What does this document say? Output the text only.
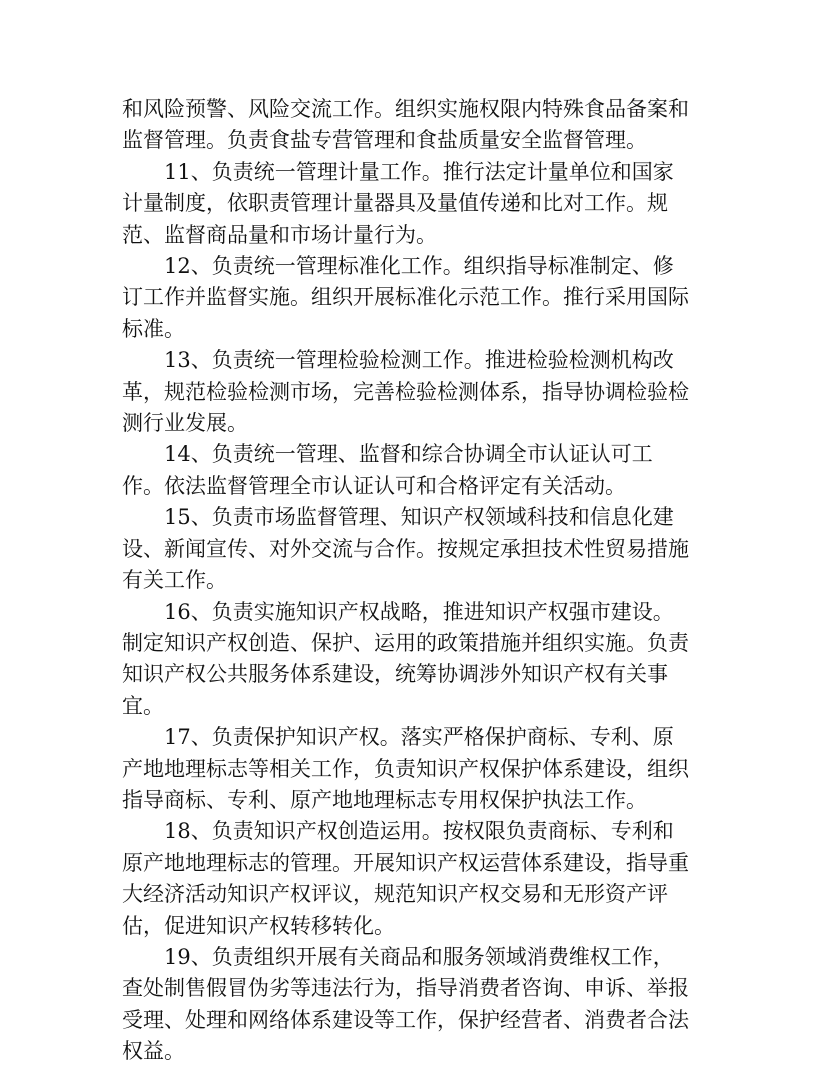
和风险预警、风险交流工作。组织实施权限内特殊食品备案和监督管理。负责食盐专营管理和食盐质量安全监督管理。

11、负责统一管理计量工作。推行法定计量单位和国家计量制度，依职责管理计量器具及量值传递和比对工作。规范、监督商品量和市场计量行为。

12、负责统一管理标准化工作。组织指导标准制定、修订工作并监督实施。组织开展标准化示范工作。推行采用国际标准。

13、负责统一管理检验检测工作。推进检验检测机构改革，规范检验检测市场，完善检验检测体系，指导协调检验检测行业发展。

14、负责统一管理、监督和综合协调全市认证认可工作。依法监督管理全市认证认可和合格评定有关活动。

15、负责市场监督管理、知识产权领域科技和信息化建设、新闻宣传、对外交流与合作。按规定承担技术性贸易措施有关工作。

16、负责实施知识产权战略，推进知识产权强市建设。制定知识产权创造、保护、运用的政策措施并组织实施。负责知识产权公共服务体系建设，统筹协调涉外知识产权有关事宜。

17、负责保护知识产权。落实严格保护商标、专利、原产地地理标志等相关工作，负责知识产权保护体系建设，组织指导商标、专利、原产地地理标志专用权保护执法工作。

18、负责知识产权创造运用。按权限负责商标、专利和原产地地理标志的管理。开展知识产权运营体系建设，指导重大经济活动知识产权评议，规范知识产权交易和无形资产评估，促进知识产权转移转化。

19、负责组织开展有关商品和服务领域消费维权工作，查处制售假冒伪劣等违法行为，指导消费者咨询、申诉、举报受理、处理和网络体系建设等工作，保护经营者、消费者合法权益。
